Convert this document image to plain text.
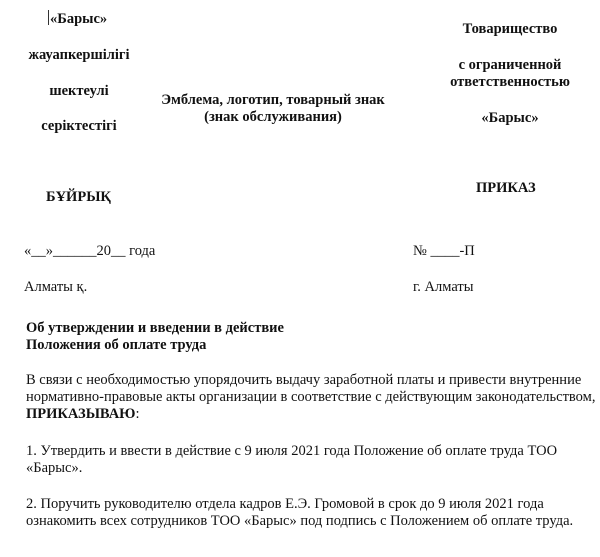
«Барыс»
жауапкершілігі
шектеулі
серіктестігі
Эмблема, логотип, товарный знак
(знак обслуживания)
Товарищество
с ограниченной
ответственностью
«Барыс»
БҰЙРЫҚ
ПРИКАЗ
«__»______20__ года	№ ____-П
Алматы қ.	г. Алматы
Об утверждении и введении в действие
Положения об оплате труда
В связи с необходимостью упорядочить выдачу заработной платы и привести внутренние нормативно-правовые акты организации в соответствие с действующим законодательством, ПРИКАЗЫВАЮ:
1. Утвердить и ввести в действие с 9 июля 2021 года Положение об оплате труда ТОО «Барыс».
2. Поручить руководителю отдела кадров Е.Э. Громовой в срок до 9 июля 2021 года ознакомить всех сотрудников ТОО «Барыс» под подпись с Положением об оплате труда.
